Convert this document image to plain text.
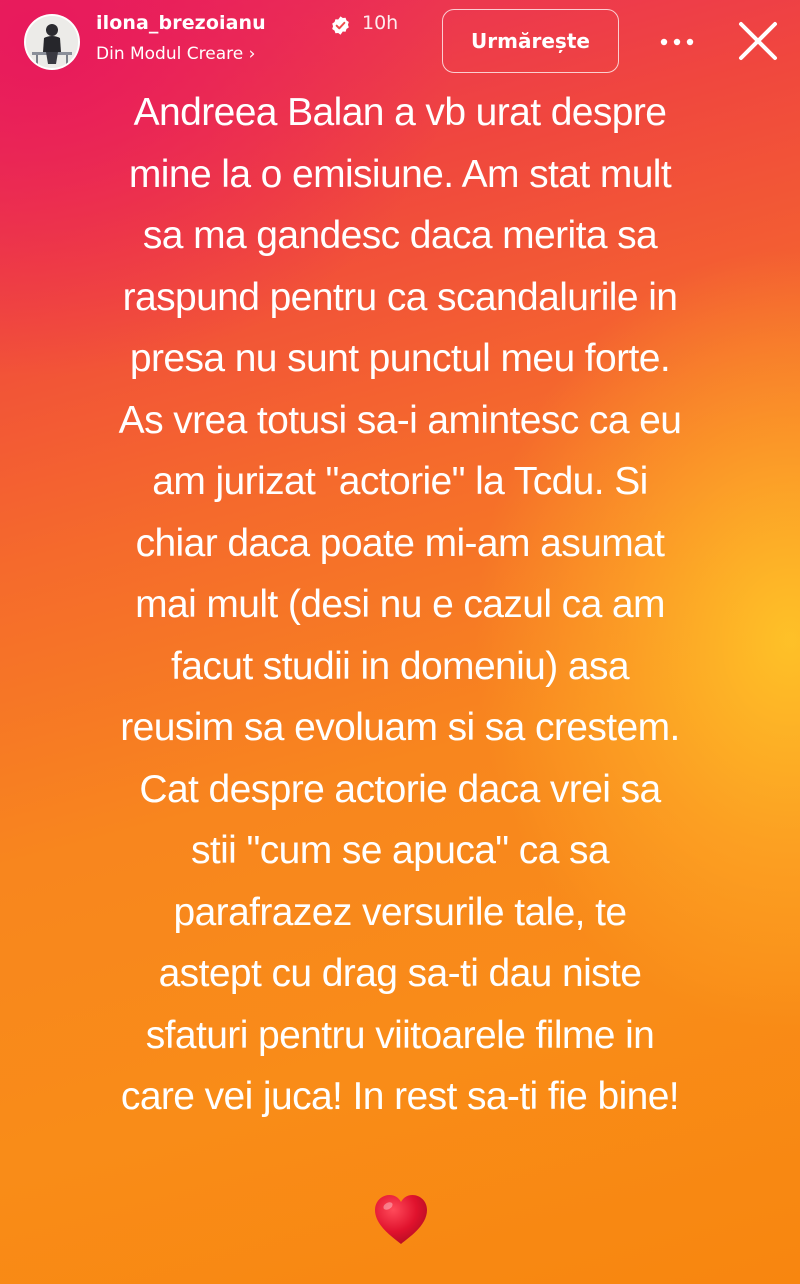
ilona_brezoianu	10h
Din Modul Creare ›
Urmărește
Andreea Balan a vb urat despre
mine la o emisiune. Am stat mult
sa ma gandesc daca merita sa
raspund pentru ca scandalurile in
presa nu sunt punctul meu forte.
As vrea totusi sa-i amintesc ca eu
am jurizat "actorie" la Tcdu. Si
chiar daca poate mi-am asumat
mai mult (desi nu e cazul ca am
facut studii in domeniu) asa
reusim sa evoluam si sa crestem.
Cat despre actorie daca vrei sa
stii "cum se apuca" ca sa
parafrazez versurile tale, te
astept cu drag sa-ti dau niste
sfaturi pentru viitoarele filme in
care vei juca! In rest sa-ti fie bine!
